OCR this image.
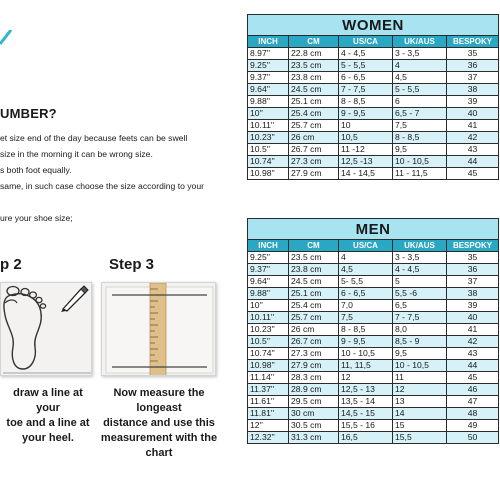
UMBER?
et size end of the day because feets can be swell
size in the morning it can be wrong size.
s both foot equally.
same, in such case choose the size according to your
ure your shoe size;
p 2
draw a line at your
toe and a line at
your heel.
Step 3
Now measure the longeast
distance and use this
measurement with the
chart
WOMEN				
INCH	CM	US/CA	UK/AUS	BESPOKY
8.97''	22.8 cm	4 - 4,5	3 - 3,5	35
9.25''	23.5 cm	5 - 5,5	4	36
9.37''	23.8 cm	6 - 6,5	4,5	37
9.64''	24.5 cm	7 - 7,5	5 - 5,5	38
9.88''	25.1 cm	8 - 8,5	6	39
10''	25.4 cm	9 - 9,5	6,5 - 7	40
10.11''	25.7 cm	10	7,5	41
10.23''	26 cm	10,5	8 - 8,5	42
10.5''	26.7 cm	11 -12	9,5	43
10.74''	27.3 cm	12,5 -13	10 - 10,5	44
10.98''	27.9 cm	14 - 14,5	11 - 11,5	45
MEN				
INCH	CM	US/CA	UK/AUS	BESPOKY
9.25''	23.5 cm	4	3 - 3,5	35
9.37''	23.8 cm	4,5	4 - 4,5	36
9.64''	24.5 cm	5- 5,5	5	37
9.88''	25.1 cm	6 - 6,5	5,5 -6	38
10''	25.4 cm	7,0	6,5	39
10.11''	25.7 cm	7,5	7 - 7,5	40
10.23''	26 cm	8 - 8,5	8,0	41
10.5''	26.7 cm	9 - 9,5	8,5 - 9	42
10.74''	27.3 cm	10 - 10,5	9,5	43
10.98''	27.9 cm	11, 11,5	10 - 10,5	44
11.14''	28.3 cm	12	11	45
11.37''	28.9 cm	12,5 - 13	12	46
11.61''	29.5 cm	13,5 - 14	13	47
11.81''	30 cm	14,5 - 15	14	48
12''	30.5 cm	15,5 - 16	15	49
12.32''	31.3 cm	16,5	15,5	50
